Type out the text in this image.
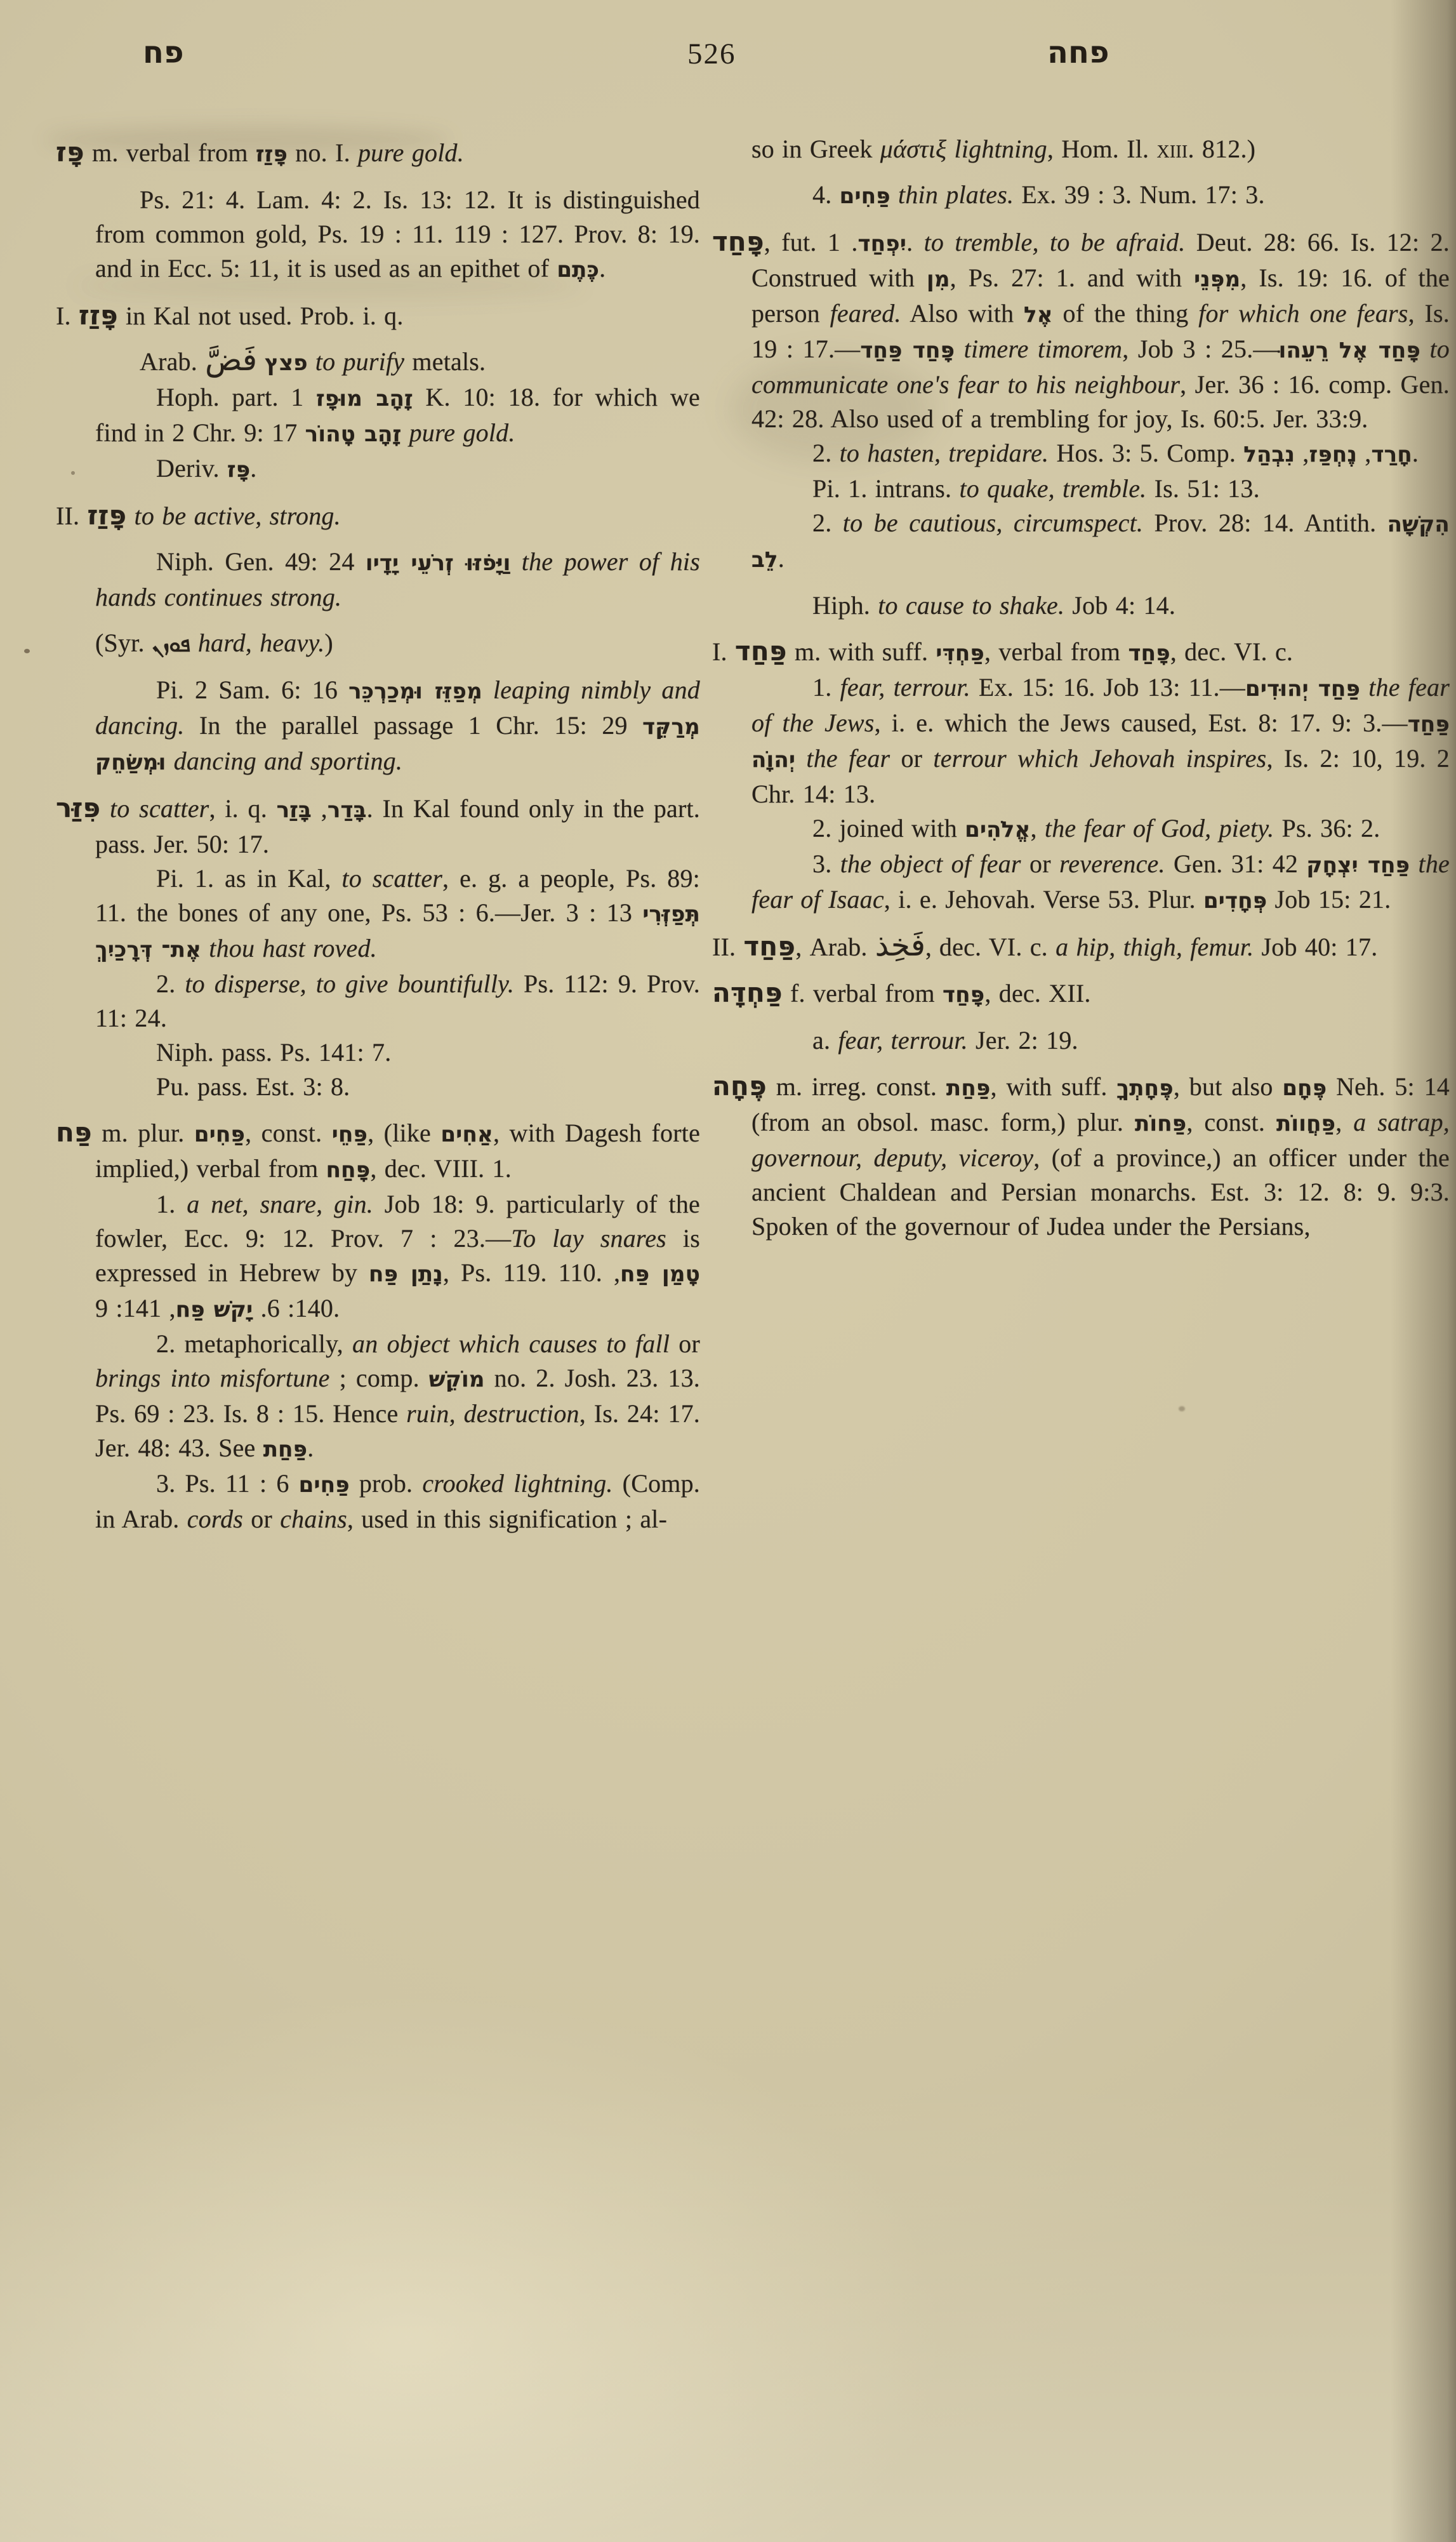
פח	526	פחה

פָּז m. verbal from פָּזַז no. I. pure gold.

Ps. 21: 4. Lam. 4: 2. Is. 13: 12. It is distinguished from common gold, Ps. 19 : 11. 119 : 127. Prov. 8: 19. and in Ecc. 5: 11, it is used as an epithet of כֶּתֶם.

I. פָּזַז in Kal not used. Prob. i. q.

Arab.	פצץ فَضَّ to purify metals.

Hoph. part. זָהָב מוּפָז 1 K. 10: 18. for which we find in 2 Chr. 9: 17 זָהָב טָהוֹר pure gold.

Deriv. פָּז.

II. פָּזַז to be active, strong.

Niph. Gen. 49: 24 וַיָּפֹזּוּ זְרֹעֵי יָדָיו the power of his hands continues strong.

(Syr. ܦܘܙܢ hard, heavy.)

Pi. 2 Sam. 6: 16 מְפַזֵּז וּמְכַרְכֵּר leaping nimbly and dancing. In the parallel passage 1 Chr. 15: 29 מְרַקֵּד וּמְשַׂחֵק dancing and sporting.

פִּזַּר to scatter, i. q. בָּדַר, בָּזַר . In Kal found only in the part. pass. Jer. 50: 17.

Pi. 1. as in Kal, to scatter, e. g. a people, Ps. 89: 11. the bones of any one, Ps. 53 : 6.—Jer. 3 : 13 תְּפַזְּרִי אֶת־ דְּרָכַיִךְ thou hast roved.

2. to disperse, to give bountifully. Ps. 112: 9. Prov. 11: 24.

Niph. pass. Ps. 141: 7.

Pu. pass. Est. 3: 8.

פַּח m. plur. פַּחִים, const. פַּחֵי, (like אַחִים, with Dagesh forte implied,) verbal from פָּחַח, dec. VIII. 1.

1. a net, snare, gin. Job 18: 9. particularly of the fowler, Ecc. 9: 12. Prov. 7 : 23.—To lay snares is expressed in Hebrew by נָתַן פַּח, Ps. 119. 110. טָמַן פַּח, 140: 6. יָקֹשׁ פַּח, 141: 9.

2. metaphorically, an object which causes to fall or brings into misfortune ; comp. מוֹקֵשׁ no. 2. Josh. 23. 13. Ps. 69 : 23. Is. 8 : 15. Hence ruin, destruction, Is. 24: 17. Jer. 48: 43. See פַּחַת.

3. Ps. 11 : 6 פַּחִים prob. crooked lightning. (Comp. in Arab. cords or chains, used in this signification ; al-

so in Greek μάστιξ lightning, Hom. Il. xiii. 812.)

4. פַּחִים thin plates. Ex. 39 : 3. Num. 17: 3.

פָּחַד, fut. יִפְחַד. 1. to tremble, to be afraid. Deut. 28: 66. Is. 12: 2. Construed with מִן, Ps. 27: 1. and with מִפְּנֵי, Is. 19: 16. of the person feared. Also with אֶל of the thing for which one fears, Is. 19 : 17.—פָּחַד פַּחַד timere timorem, Job 3 : 25.—פָּחַד אֶל רֵעֵהוּ to communicate one's fear to his neighbour, Jer. 36 : 16. comp. Gen. 42: 28. Also used of a trembling for joy, Is. 60:5. Jer. 33:9.

2. to hasten, trepidare. Hos. 3: 5. Comp.	חָרַד, נֶחְפַּז, נִבְהַל	.

Pi. 1. intrans. to quake, tremble. Is. 51: 13.

2. to be cautious, circumspect. Prov. 28: 14. Antith. הִקְשָׁה לֵב.

Hiph. to cause to shake. Job 4: 14.

I. פַּחַד m. with suff. פַּחְדִּי, verbal from פָּחַד, dec. VI. c.

1. fear, terrour. Ex. 15: 16. Job 13: 11.—פַּחַד יְהוּדִים the fear of the Jews, i. e. which the Jews caused, Est. 8: 17. 9: 3.—פַּחַד יְהוָֹה the fear or terrour which Jehovah inspires, Is. 2: 10, 19. 2 Chr. 14: 13.

2. joined with אֱלֹהִים, the fear of God, piety. Ps. 36: 2.

3. the object of fear or reverence. Gen. 31: 42 פַּחַד יִצְחָק the fear of Isaac, i. e. Jehovah. Verse 53. Plur. פְּחָדִים Job 15: 21.

II. פַּחַד, Arab. فَخِذ, dec. VI. c. a hip, thigh, femur. Job 40: 17.

פַּחְדָּה f. verbal from פָּחַד, dec. XII.

a. fear, terrour. Jer. 2: 19.

פֶּחָה m. irreg. const. פַּחַת, with suff. פֶּחָתְךָ, but also פֶּחָם Neh. 5: 14 (from an obsol. masc. form,) plur. פַּחוֹת, const. פַּחֲווֹת, a satrap, governour, deputy, viceroy, (of a province,) an officer under the ancient Chaldean and Persian monarchs. Est. 3: 12. 8: 9. 9:3. Spoken of the governour of Judea under the Persians,
